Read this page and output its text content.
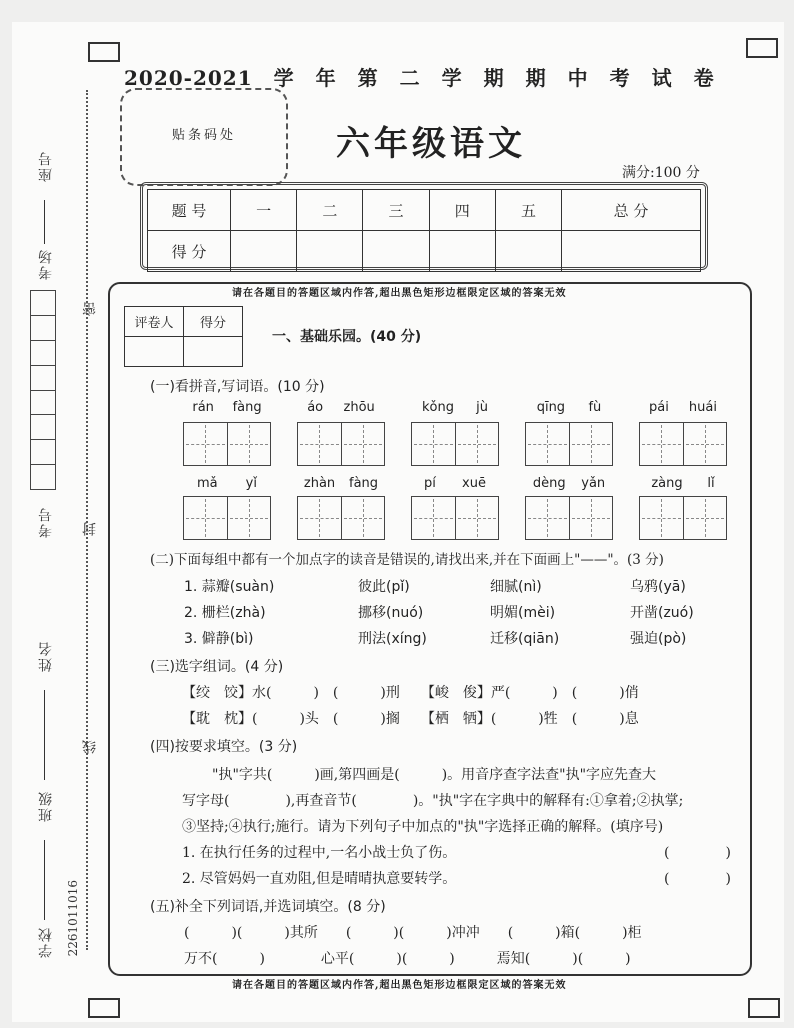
座号
考场
考号
姓名
班级
学校 2261011016
密
封
线
2020-2021　学　年　第　二　学　期　期　中　考　试　卷
贴条码处	六年级语文
满分:100 分
题 号	一	二	三	四	五	总 分
得 分						
请在各题目的答题区域内作答,超出黑色矩形边框限定区域的答案无效
评卷人	得分

一、基础乐园。(40 分)
(一)看拼音,写词语。(10 分)
rán fàng	áo zhōu	kǒng jù	qīng fù	pái huái
mǎ yǐ	zhàn fàng	pí xuē	dèng yǎn	zàng lǐ
(二)下面每组中都有一个加点字的读音是错误的,请找出来,并在下面画上"——"。(3 分)
1. 蒜瓣(suàn)	彼此(pǐ)	细腻(nì)	乌鸦(yā)
2. 栅栏(zhà)	挪移(nuó)	明媚(mèi)	开凿(zuó)
3. 僻静(bì)	刑法(xíng)	迁移(qiān)	强迫(pò)
(三)选字组词。(4 分)
【绞　饺】水(　　　)　(　　　)刑　　【峻　俊】严(　　　)　(　　　)俏
【耽　枕】(　　　)头　(　　　)搁　　【栖　牺】(　　　)牲　(　　　)息
(四)按要求填空。(3 分)
"执"字共(　　　)画,第四画是(　　　)。用音序查字法查"执"字应先查大
写字母(　　　　),再查音节(　　　　)。"执"字在字典中的解释有:①拿着;②执掌;
③坚持;④执行;施行。请为下列句子中加点的"执"字选择正确的解释。(填序号)
1. 在执行任务的过程中,一名小战士负了伤。	(　　　　)
2. 尽管妈妈一直劝阻,但是晴晴执意要转学。	(　　　　)
(五)补全下列词语,并选词填空。(8 分)
(　　　)(　　　)其所　　(　　　)(　　　)冲冲　　(　　　)箱(　　　)柜
万不(　　　)　　　　心平(　　　)(　　　)　　　焉知(　　　)(　　　)
请在各题目的答题区域内作答,超出黑色矩形边框限定区域的答案无效
